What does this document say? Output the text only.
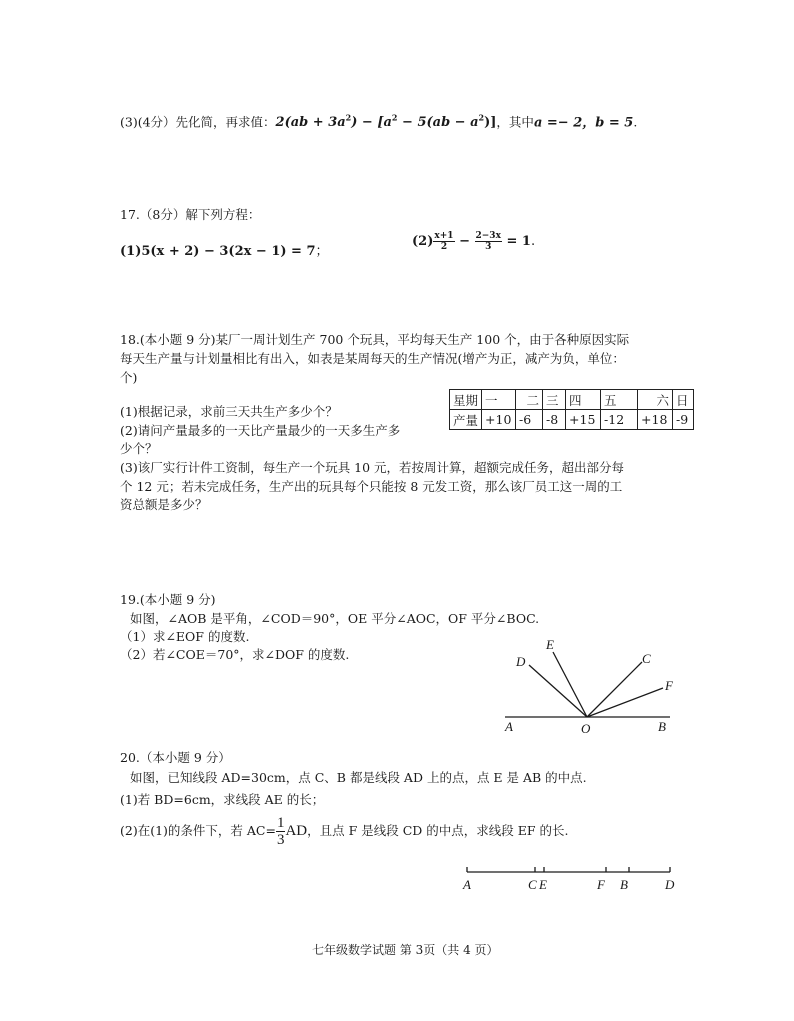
(3)(4分）先化简，再求值：$2(ab + 3a^2) - [a^2 - 5(ab - a^2)]$，其中a =− 2，b = 5.
17.（8分）解下列方程：
(1)5(x + 2) − 3(2x − 1) = 7；
$(2) \frac{x+1}{2} - \frac{2-3x}{3} = 1$.
18.(本小题 9 分)某厂一周计划生产 700 个玩具，平均每天生产 100 个，由于各种原因实际
每天生产量与计划量相比有出入，如表是某周每天的生产情况(增产为正，减产为负，单位：
个)
星期	一	二	三	四	五	六	日
产量	+10	-6	-8	+15	-12	+18	-9
(1)根据记录，求前三天共生产多少个？
(2)请问产量最多的一天比产量最少的一天多生产多
少个？
(3)该厂实行计件工资制，每生产一个玩具 10 元，若按周计算，超额完成任务，超出部分每
个 12 元；若未完成任务，生产出的玩具每个只能按 8 元发工资，那么该厂员工这一周的工
资总额是多少？
19.(本小题 9 分)
如图，∠AOB 是平角，∠COD＝90°，OE 平分∠AOC，OF 平分∠BOC.
（1）求∠EOF 的度数.
（2）若∠COE＝70°，求∠DOF 的度数.
A	O	B
D
E
C
F
20.（本小题 9 分）
如图，已知线段 AD=30cm，点 C、B 都是线段 AD 上的点，点 E 是 AB 的中点.
(1)若 BD=6cm，求线段 AE 的长；
(2)在(1)的条件下，若 $AC= \frac{1}{3}$ AD，且点 F 是线段 CD 的中点，求线段 EF 的长.
A	C E	F B	D
七年级数学试题 第 3页（共 4 页）
